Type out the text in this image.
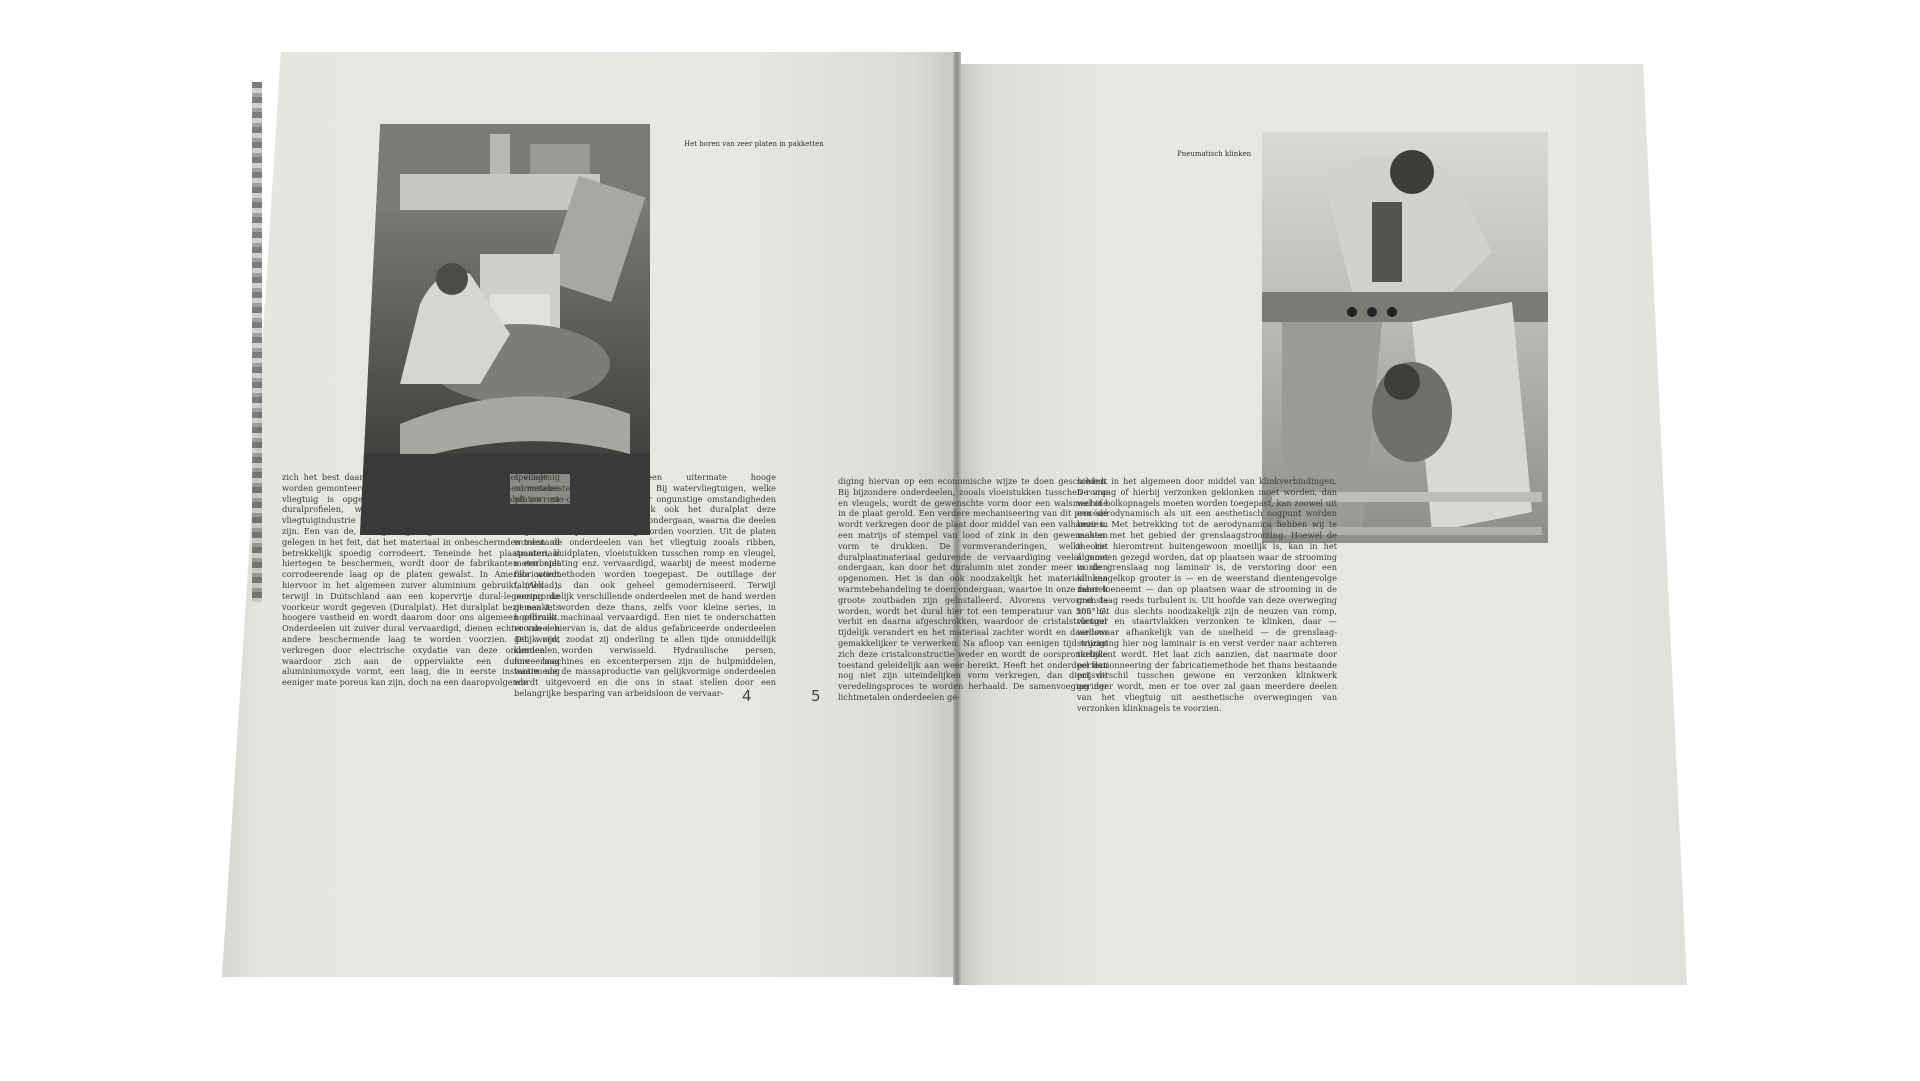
Het boren van zeer platen in pakketten
Pneumatisch klinken

zich het best daartoe eigenende tijd en plaats in het vliegtuig worden gemonteerd. De bouwstoffen, waaruit een geheel metalen vliegtuig is opgebouwd, zijn in hoofdzaak duralplaten en duralprofielen, welke in verschillende speciaal voor de vliegtuigindustrie genormaliseerde vormen direct te betrekken zijn. Een van de, overigens geringe, nadeelen van duralumin is gelegen in het feit, dat het materiaal in onbeschermden toestand betrekkelijk spoedig corrodeert. Teneinde het plaatmateriaal hiertegen te beschermen, wordt door de fabrikanten een niet corrodeerende laag op de platen gewalst. In Amerika wordt hiervoor in het algemeen zuiver aluminium gebruikt, (Alclad), terwijl in Duitschland aan een kopervrije dural-legeering de voorkeur wordt gegeven (Duralplat). Het duralplat bezit een iets hoogere vastheid en wordt daarom door ons algemeen gebruikt. Onderdeelen uit zuiver dural vervaardigd, dienen echter van een andere beschermende laag te worden voorzien. Dit wordt verkregen door electrische oxydatie van deze onderdeelen, waardoor zich aan de oppervlakte een dunne laag aluminiumoxyde vormt, een laag, die in eerste instantie nog eeniger mate poreus kan zijn, doch na een daaropvolgende

speciale behandeling een uitermate hooge corrosiebestendigheid vertoont. Bij watervliegtuigen, welke uit corrosie-oogpunt onder zeer ongunstige omstandigheden opereeren, is het gebruikelijk ook het duralplat deze anodische behandeling te doen ondergaan, waarna die deelen nog van een speciale laklaag worden voorzien. Uit de platen worden de onderdeelen van het vliegtuig zooals ribben, spanten, huidplaten, vloeistukken tusschen romp en vleugel, motorbeplating enz. vervaardigd, waarbij de meest moderne fabricatiemethoden worden toegepast. De outillage der fabriek is dan ook geheel gemoderniseerd. Terwijl oorspronkelijk verschillende onderdeelen met de hand werden gemaakt, worden deze thans, zelfs voor kleine series, in hoofdzaak machinaal vervaardigd. Een niet te onderschatten voordeel hiervan is, dat de aldus gefabriceerde onderdeelen gelijk zijn, zoodat zij onderling te allen tijde onmiddellijk kunnen worden verwisseld. Hydraulische persen, forceermachines en excenterpersen zijn de hulpmiddelen, waarmede de massaproductie van gelijkvormige onderdeelen wordt uitgevoerd en die ons in staat stellen door een belangrijke besparing van arbeidsloon de vervaar-

diging hiervan op een economische wijze te doen geschieden. Bij bijzondere onderdeelen, zooals vloeistukken tusschen romp en vleugels, wordt de gewenschte vorm door een walsmachine in de plaat gerold. Een verdere mechaniseering van dit procédé wordt verkregen door de plaat door middel van een valhamer in een matrijs of stempel van lood of zink in den gewenschten vorm te drukken. De vormveranderingen, welke het duralplaatmateriaal gedurende de vervaardiging veelal moet ondergaan, kan door het duralumin niet zonder meer worden opgenomen. Het is dan ook noodzakelijk het materiaal een warmtebehandeling te doen ondergaan, waartoe in onze fabriek groote zoutbaden zijn geïnstalleerd. Alvorens vervormd te worden, wordt het dural hier tot een temperatuur van 505° C. verhit en daarna afgeschrokken, waardoor de cristalstructuur tijdelijk verandert en het materiaal zachter wordt en daardoor gemakkelijker te verwerken. Na afloop van eenigen tijd wijzigt zich deze cristalconstructie weder en wordt de oorspronkelijke toestand geleidelijk aan weer bereikt. Heeft het onderdeel dan nog niet zijn uiteindelijken vorm verkregen, dan dient dit veredelingsproces te worden herhaald. De samenvoeging der lichtmetalen onderdeelen ge-

schiedt in het algemeen door middel van klinkverbindingen. De vraag of hierbij verzonken geklonken moet worden, dan wel of bolkopnagels moeten worden toegepast, kan zoowel uit een aerodynamisch als uit een aesthetisch oogpunt worden bezien. Met betrekking tot de aerodynamica hebben wij te maken met het gebied der grenslaagstrooming. Hoewel de theorie hieromtrent buitengewoon moeilijk is, kan in het algemeen gezegd worden, dat op plaatsen waar de strooming in de grenslaag nog laminair is, de verstoring door een klinknagelkop grooter is — en de weerstand dientengevolge meer toeneemt — dan op plaatsen waar de strooming in de grenslaag reeds turbulent is. Uit hoofde van deze overweging zou het dus slechts noodzakelijk zijn de neuzen van romp, vleugel en staartvlakken verzonken te klinken, daar — weliswaar afhankelijk van de snelheid — de grenslaag-strooming hier nog laminair is en verst verder naar achteren turbulent wordt. Het laat zich aanzien, dat naarmate door perfectionneering der fabricatiemethode het thans bestaande prijsverschil tusschen gewone en verzonken klinkwerk geringer wordt, men er toe over zal gaan meerdere deelen van het vliegtuig uit aesthetische overwegingen van verzonken klinknagels te voorzien.

4	5
